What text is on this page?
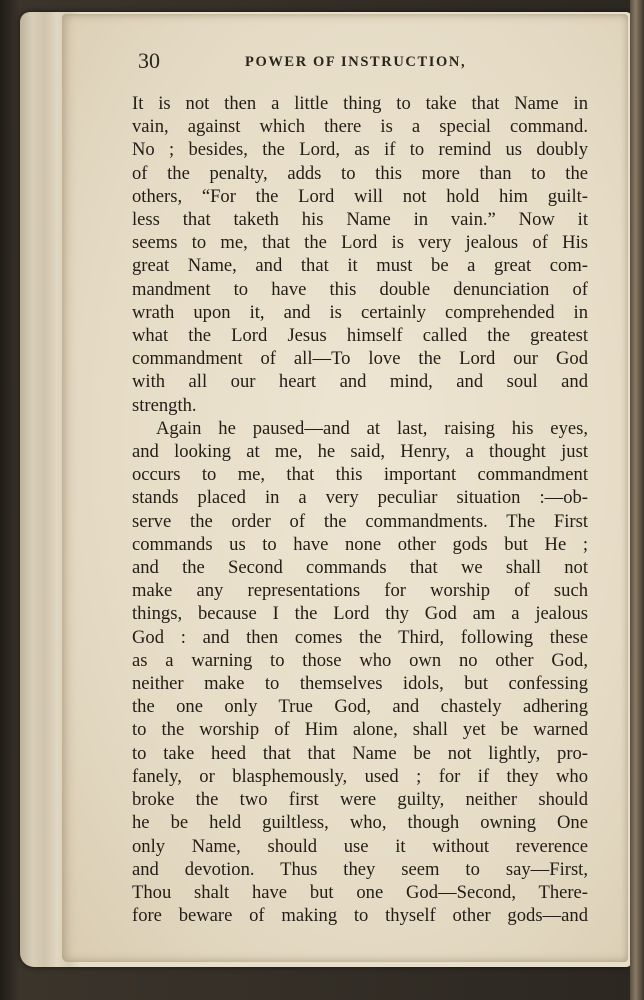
30	POWER OF INSTRUCTION,
It is not then a little thing to take that Name in
vain, against which there is a special command.
No ; besides, the Lord, as if to remind us doubly
of the penalty, adds to this more than to the
others, “For the Lord will not hold him guilt-
less that taketh his Name in vain.” Now it
seems to me, that the Lord is very jealous of His
great Name, and that it must be a great com-
mandment to have this double denunciation of
wrath upon it, and is certainly comprehended in
what the Lord Jesus himself called the greatest
commandment of all—To love the Lord our God
with all our heart and mind, and soul and
strength.
Again he paused—and at last, raising his eyes,
and looking at me, he said, Henry, a thought just
occurs to me, that this important commandment
stands placed in a very peculiar situation :—ob-
serve the order of the commandments. The First
commands us to have none other gods but He ;
and the Second commands that we shall not
make any representations for worship of such
things, because I the Lord thy God am a jealous
God : and then comes the Third, following these
as a warning to those who own no other God,
neither make to themselves idols, but confessing
the one only True God, and chastely adhering
to the worship of Him alone, shall yet be warned
to take heed that that Name be not lightly, pro-
fanely, or blasphemously, used ; for if they who
broke the two first were guilty, neither should
he be held guiltless, who, though owning One
only Name, should use it without reverence
and devotion. Thus they seem to say—First,
Thou shalt have but one God—Second, There-
fore beware of making to thyself other gods—and
